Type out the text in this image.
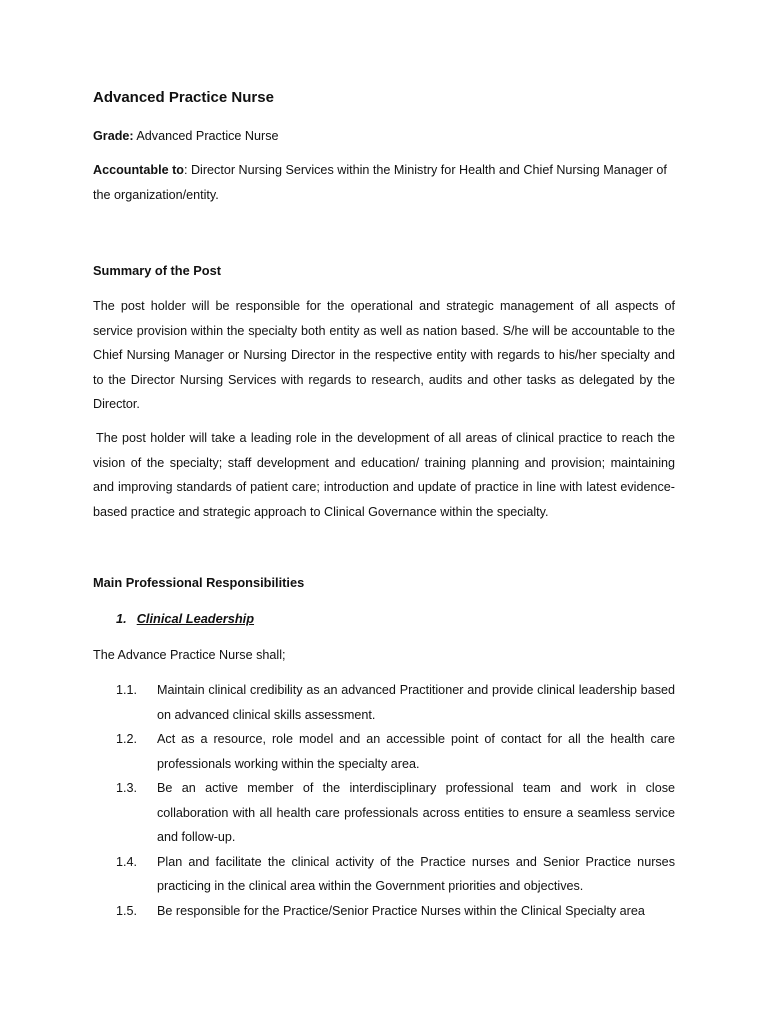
Advanced Practice Nurse

Grade: Advanced Practice Nurse

Accountable to: Director Nursing Services within the Ministry for Health and Chief Nursing Manager of the organization/entity.

Summary of the Post

The post holder will be responsible for the operational and strategic management of all aspects of service provision within the specialty both entity as well as nation based. S/he will be accountable to the Chief Nursing Manager or Nursing Director in the respective entity with regards to his/her specialty and to the Director Nursing Services with regards to research, audits and other tasks as delegated by the Director.

The post holder will take a leading role in the development of all areas of clinical practice to reach the vision of the specialty; staff development and education/ training planning and provision; maintaining and improving standards of patient care; introduction and update of practice in line with latest evidence-based practice and strategic approach to Clinical Governance within the specialty.

Main Professional Responsibilities

1. Clinical Leadership

The Advance Practice Nurse shall;

1.1.	Maintain clinical credibility as an advanced Practitioner and provide clinical leadership based on advanced clinical skills assessment.
1.2.	Act as a resource, role model and an accessible point of contact for all the health care professionals working within the specialty area.
1.3.	Be an active member of the interdisciplinary professional team and work in close collaboration with all health care professionals across entities to ensure a seamless service and follow-up.
1.4.	Plan and facilitate the clinical activity of the Practice nurses and Senior Practice nurses practicing in the clinical area within the Government priorities and objectives.
1.5.	Be responsible for the Practice/Senior Practice Nurses within the Clinical Specialty area
